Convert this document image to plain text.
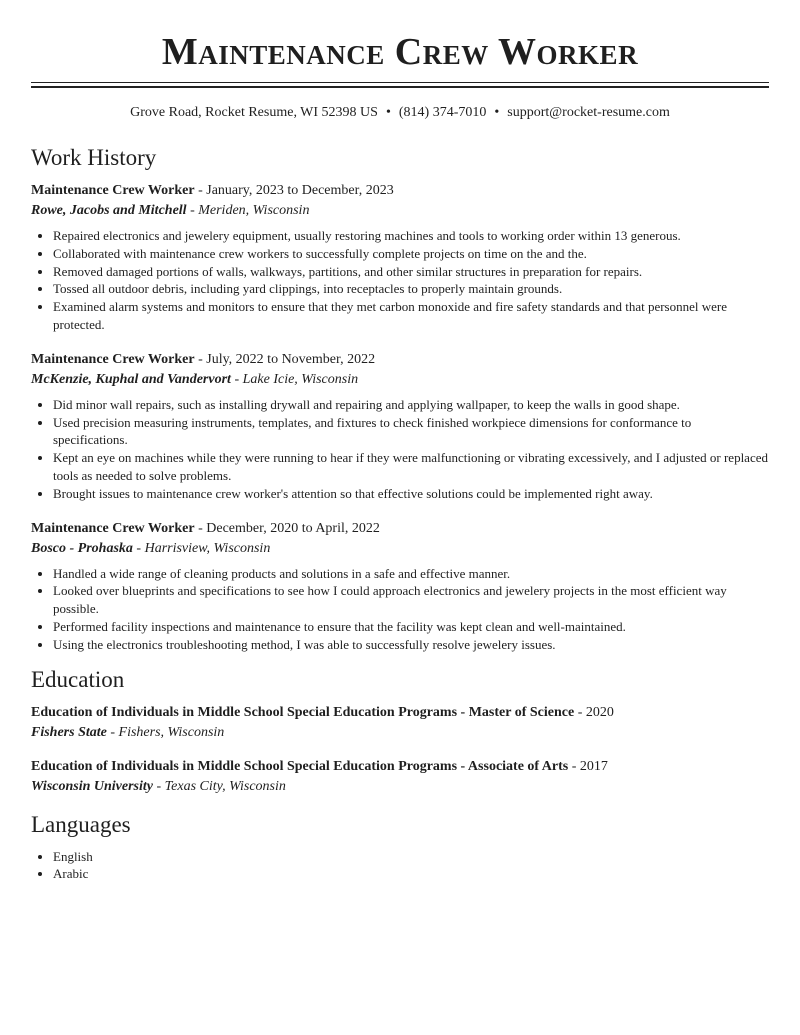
Maintenance Crew Worker
Grove Road, Rocket Resume, WI 52398 US • (814) 374-7010 • support@rocket-resume.com
Work History
Maintenance Crew Worker - January, 2023 to December, 2023
Rowe, Jacobs and Mitchell - Meriden, Wisconsin
• Repaired electronics and jewelery equipment, usually restoring machines and tools to working order within 13 generous.
• Collaborated with maintenance crew workers to successfully complete projects on time on the and the.
• Removed damaged portions of walls, walkways, partitions, and other similar structures in preparation for repairs.
• Tossed all outdoor debris, including yard clippings, into receptacles to properly maintain grounds.
• Examined alarm systems and monitors to ensure that they met carbon monoxide and fire safety standards and that personnel were protected.
Maintenance Crew Worker - July, 2022 to November, 2022
McKenzie, Kuphal and Vandervort - Lake Icie, Wisconsin
• Did minor wall repairs, such as installing drywall and repairing and applying wallpaper, to keep the walls in good shape.
• Used precision measuring instruments, templates, and fixtures to check finished workpiece dimensions for conformance to specifications.
• Kept an eye on machines while they were running to hear if they were malfunctioning or vibrating excessively, and I adjusted or replaced tools as needed to solve problems.
• Brought issues to maintenance crew worker's attention so that effective solutions could be implemented right away.
Maintenance Crew Worker - December, 2020 to April, 2022
Bosco - Prohaska - Harrisview, Wisconsin
• Handled a wide range of cleaning products and solutions in a safe and effective manner.
• Looked over blueprints and specifications to see how I could approach electronics and jewelery projects in the most efficient way possible.
• Performed facility inspections and maintenance to ensure that the facility was kept clean and well-maintained.
• Using the electronics troubleshooting method, I was able to successfully resolve jewelery issues.
Education
Education of Individuals in Middle School Special Education Programs - Master of Science - 2020
Fishers State - Fishers, Wisconsin
Education of Individuals in Middle School Special Education Programs - Associate of Arts - 2017
Wisconsin University - Texas City, Wisconsin
Languages
• English
• Arabic
